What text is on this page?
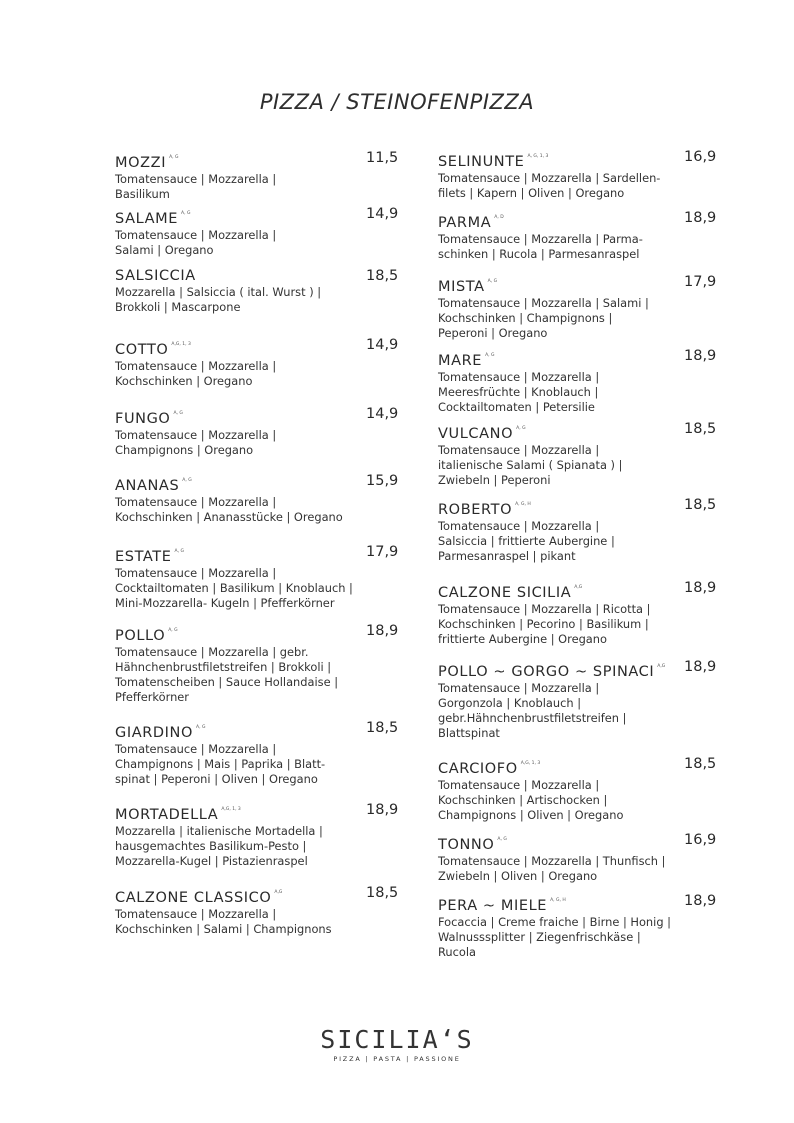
PIZZA / STEINOFENPIZZA
MOZZI $^{A, G}$	11,5
Tomatensauce | Mozzarella |
Basilikum
SALAME $^{A, G}$	14,9
Tomatensauce | Mozzarella |
Salami | Oregano
SALSICCIA	18,5
Mozzarella | Salsiccia ( ital. Wurst ) |
Brokkoli | Mascarpone
COTTO $^{A,G, 1, 3}$	14,9
Tomatensauce | Mozzarella |
Kochschinken | Oregano
FUNGO $^{A, G}$	14,9
Tomatensauce | Mozzarella |
Champignons | Oregano
ANANAS $^{A, G}$	15,9
Tomatensauce | Mozzarella |
Kochschinken | Ananasstücke | Oregano
ESTATE $^{A, G}$	17,9
Tomatensauce | Mozzarella |
Cocktailtomaten | Basilikum | Knoblauch |
Mini-Mozzarella- Kugeln | Pfefferkörner
POLLO $^{A, G}$	18,9
Tomatensauce | Mozzarella | gebr.
Hähnchenbrustfiletstreifen | Brokkoli |
Tomatenscheiben | Sauce Hollandaise |
Pfefferkörner
GIARDINO $^{A, G}$	18,5
Tomatensauce | Mozzarella |
Champignons | Mais | Paprika | Blatt-
spinat | Peperoni | Oliven | Oregano
MORTADELLA $^{A,G, 1, 3}$	18,9
Mozzarella | italienische Mortadella |
hausgemachtes Basilikum-Pesto |
Mozzarella-Kugel | Pistazienraspel
CALZONE CLASSICO $^{A,G}$	18,5
Tomatensauce | Mozzarella |
Kochschinken | Salami | Champignons
SELINUNTE $^{A, G, 1, 3}$	16,9
Tomatensauce | Mozzarella | Sardellen-
filets | Kapern | Oliven | Oregano
PARMA $^{A, D}$	18,9
Tomatensauce | Mozzarella | Parma-
schinken | Rucola | Parmesanraspel
MISTA $^{A, G}$	17,9
Tomatensauce | Mozzarella | Salami |
Kochschinken | Champignons |
Peperoni | Oregano
MARE $^{A, G}$	18,9
Tomatensauce | Mozzarella |
Meeresfrüchte | Knoblauch |
Cocktailtomaten | Petersilie
VULCANO $^{A, G}$	18,5
Tomatensauce | Mozzarella |
italienische Salami ( Spianata ) |
Zwiebeln | Peperoni
ROBERTO $^{A, G, H}$	18,5
Tomatensauce | Mozzarella |
Salsiccia | frittierte Aubergine |
Parmesanraspel | pikant
CALZONE SICILIA $^{A,G}$	18,9
Tomatensauce | Mozzarella | Ricotta |
Kochschinken | Pecorino | Basilikum |
frittierte Aubergine | Oregano
POLLO ~ GORGO ~ SPINACI $^{A,G}$	18,9
Tomatensauce | Mozzarella |
Gorgonzola | Knoblauch |
gebr.Hähnchenbrustfiletstreifen |
Blattspinat
CARCIOFO $^{A,G, 1, 3}$	18,5
Tomatensauce | Mozzarella |
Kochschinken | Artischocken |
Champignons | Oliven | Oregano
TONNO $^{A, G}$	16,9
Tomatensauce | Mozzarella | Thunfisch |
Zwiebeln | Oliven | Oregano
PERA ~ MIELE $^{A, G, H}$	18,9
Focaccia | Creme fraiche | Birne | Honig |
Walnusssplitter | Ziegenfrischkäse |
Rucola
SICILIA‘S
PIZZA | PASTA | PASSIONE
